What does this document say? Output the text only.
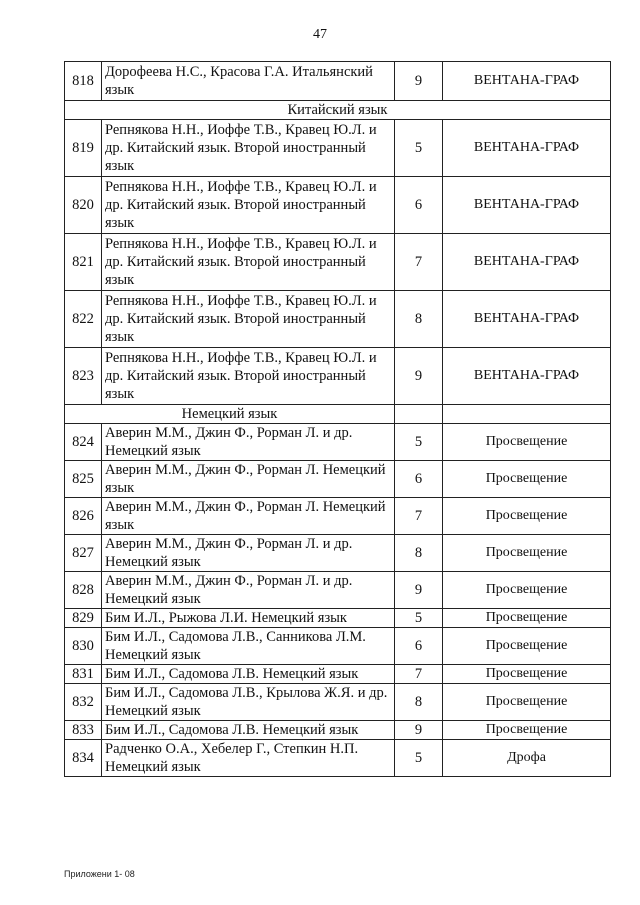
47
818	Дорофеева Н.С., Красова Г.А. Итальянский язык	9	ВЕНТАНА-ГРАФ
Китайский язык			
819	Репнякова Н.Н., Иоффе Т.В., Кравец Ю.Л. и др. Китайский язык. Второй иностранный язык	5	ВЕНТАНА-ГРАФ
820	Репнякова Н.Н., Иоффе Т.В., Кравец Ю.Л. и др. Китайский язык. Второй иностранный язык	6	ВЕНТАНА-ГРАФ
821	Репнякова Н.Н., Иоффе Т.В., Кравец Ю.Л. и др. Китайский язык. Второй иностранный язык	7	ВЕНТАНА-ГРАФ
822	Репнякова Н.Н., Иоффе Т.В., Кравец Ю.Л. и др. Китайский язык. Второй иностранный язык	8	ВЕНТАНА-ГРАФ
823	Репнякова Н.Н., Иоффе Т.В., Кравец Ю.Л. и др. Китайский язык. Второй иностранный язык	9	ВЕНТАНА-ГРАФ
Немецкий язык			
824	Аверин М.М., Джин Ф., Рорман Л. и др. Немецкий язык	5	Просвещение
825	Аверин М.М., Джин Ф., Рорман Л. Немецкий язык	6	Просвещение
826	Аверин М.М., Джин Ф., Рорман Л. Немецкий язык	7	Просвещение
827	Аверин М.М., Джин Ф., Рорман Л. и др. Немецкий язык	8	Просвещение
828	Аверин М.М., Джин Ф., Рорман Л. и др. Немецкий язык	9	Просвещение
829	Бим И.Л., Рыжова Л.И. Немецкий язык	5	Просвещение
830	Бим И.Л., Садомова Л.В., Санникова Л.М. Немецкий язык	6	Просвещение
831	Бим И.Л., Садомова Л.В. Немецкий язык	7	Просвещение
832	Бим И.Л., Садомова Л.В., Крылова Ж.Я. и др. Немецкий язык	8	Просвещение
833	Бим И.Л., Садомова Л.В. Немецкий язык	9	Просвещение
834	Радченко О.А., Хебелер Г., Степкин Н.П. Немецкий язык	5	Дрофа
Приложени 1- 08
